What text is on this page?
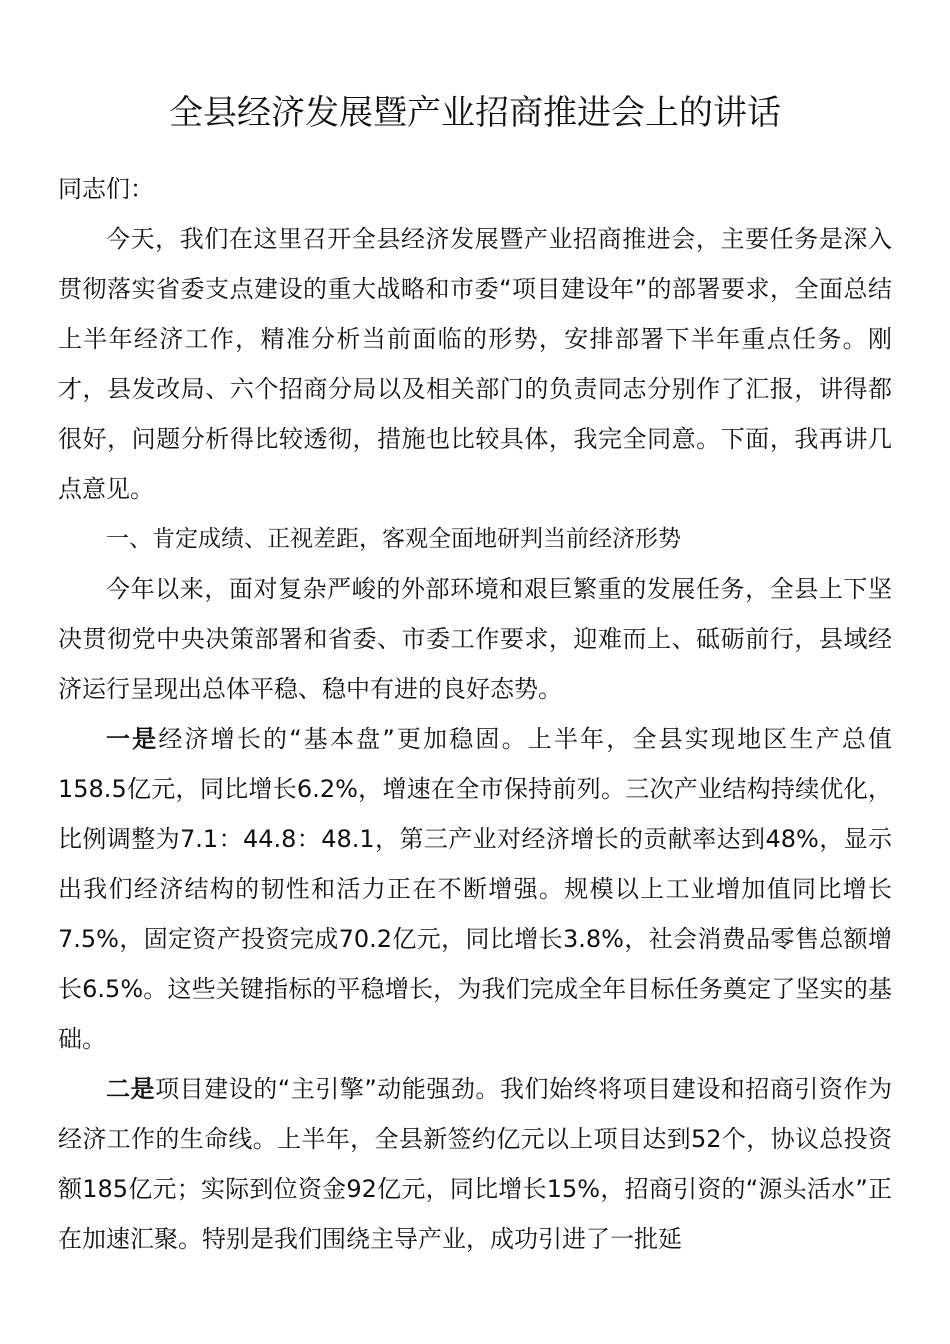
全县经济发展暨产业招商推进会上的讲话

同志们：

今天，我们在这里召开全县经济发展暨产业招商推进会，主要任务是深入贯彻落实省委支点建设的重大战略和市委“项目建设年”的部署要求，全面总结上半年经济工作，精准分析当前面临的形势，安排部署下半年重点任务。刚才，县发改局、六个招商分局以及相关部门的负责同志分别作了汇报，讲得都很好，问题分析得比较透彻，措施也比较具体，我完全同意。下面，我再讲几点意见。

一、肯定成绩、正视差距，客观全面地研判当前经济形势

今年以来，面对复杂严峻的外部环境和艰巨繁重的发展任务，全县上下坚决贯彻党中央决策部署和省委、市委工作要求，迎难而上、砥砺前行，县域经济运行呈现出总体平稳、稳中有进的良好态势。

一是经济增长的“基本盘”更加稳固。上半年，全县实现地区生产总值158.5亿元，同比增长6.2%，增速在全市保持前列。三次产业结构持续优化，比例调整为7.1：44.8：48.1，第三产业对经济增长的贡献率达到48%，显示出我们经济结构的韧性和活力正在不断增强。规模以上工业增加值同比增长7.5%，固定资产投资完成70.2亿元，同比增长3.8%，社会消费品零售总额增长6.5%。这些关键指标的平稳增长，为我们完成全年目标任务奠定了坚实的基础。

二是项目建设的“主引擎”动能强劲。我们始终将项目建设和招商引资作为经济工作的生命线。上半年，全县新签约亿元以上项目达到52个，协议总投资额185亿元；实际到位资金92亿元，同比增长15%，招商引资的“源头活水”正在加速汇聚。特别是我们围绕主导产业，成功引进了一批延
